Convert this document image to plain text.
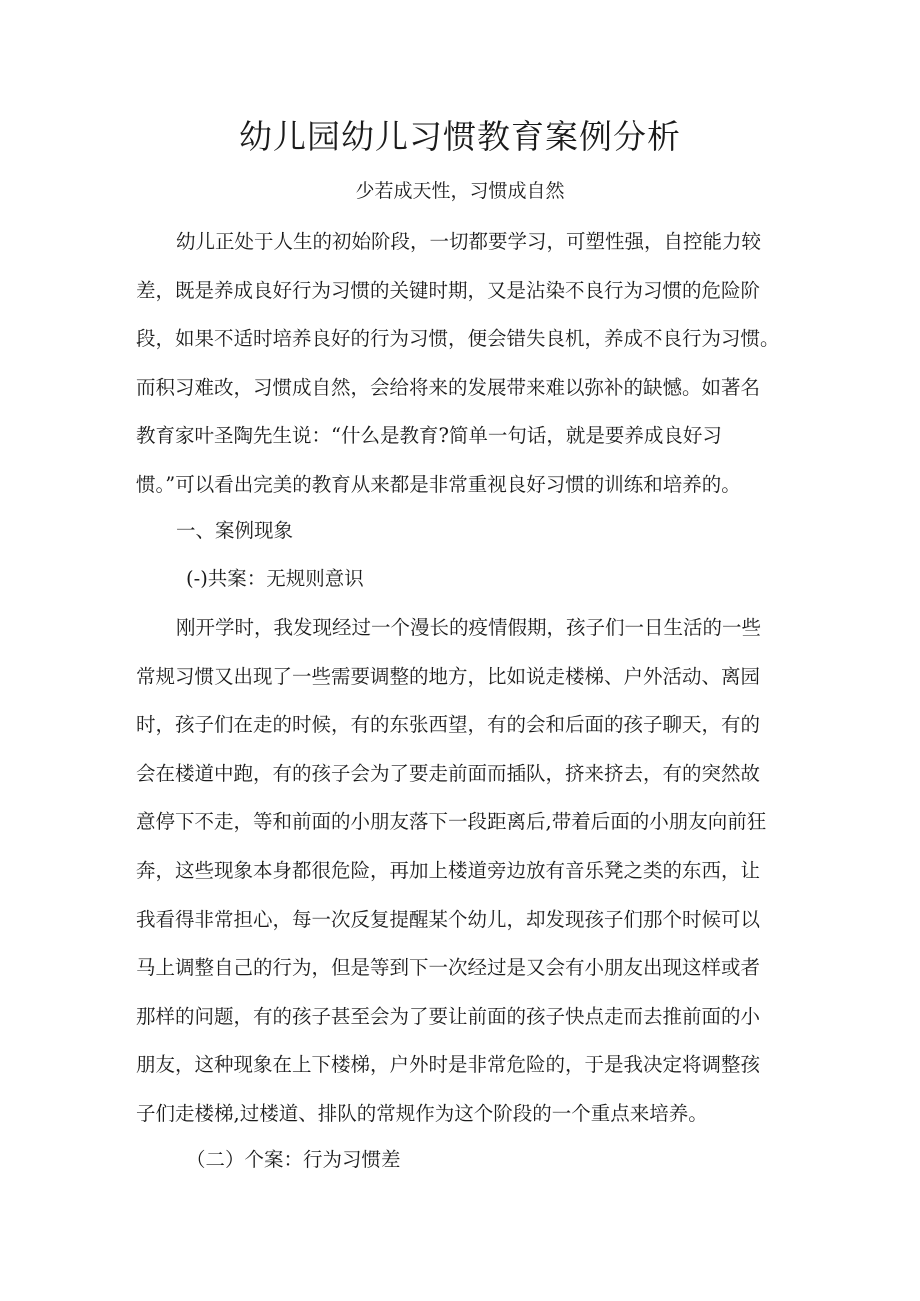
幼儿园幼儿习惯教育案例分析
少若成天性，习惯成自然
幼儿正处于人生的初始阶段，一切都要学习，可塑性强，自控能力较
差，既是养成良好行为习惯的关键时期，又是沾染不良行为习惯的危险阶
段，如果不适时培养良好的行为习惯，便会错失良机，养成不良行为习惯。
而积习难改，习惯成自然，会给将来的发展带来难以弥补的缺憾。如著名
教育家叶圣陶先生说：“什么是教育?简单一句话，就是要养成良好习
惯。”可以看出完美的教育从来都是非常重视良好习惯的训练和培养的。
一、案例现象
(-)共案：无规则意识
刚开学时，我发现经过一个漫长的疫情假期，孩子们一日生活的一些
常规习惯又出现了一些需要调整的地方，比如说走楼梯、户外活动、离园
时，孩子们在走的时候，有的东张西望，有的会和后面的孩子聊天，有的
会在楼道中跑，有的孩子会为了要走前面而插队，挤来挤去，有的突然故
意停下不走，等和前面的小朋友落下一段距离后,带着后面的小朋友向前狂
奔，这些现象本身都很危险，再加上楼道旁边放有音乐凳之类的东西，让
我看得非常担心，每一次反复提醒某个幼儿，却发现孩子们那个时候可以
马上调整自己的行为，但是等到下一次经过是又会有小朋友出现这样或者
那样的问题，有的孩子甚至会为了要让前面的孩子快点走而去推前面的小
朋友，这种现象在上下楼梯，户外时是非常危险的，于是我决定将调整孩
子们走楼梯,过楼道、排队的常规作为这个阶段的一个重点来培养。
（二）个案：行为习惯差
